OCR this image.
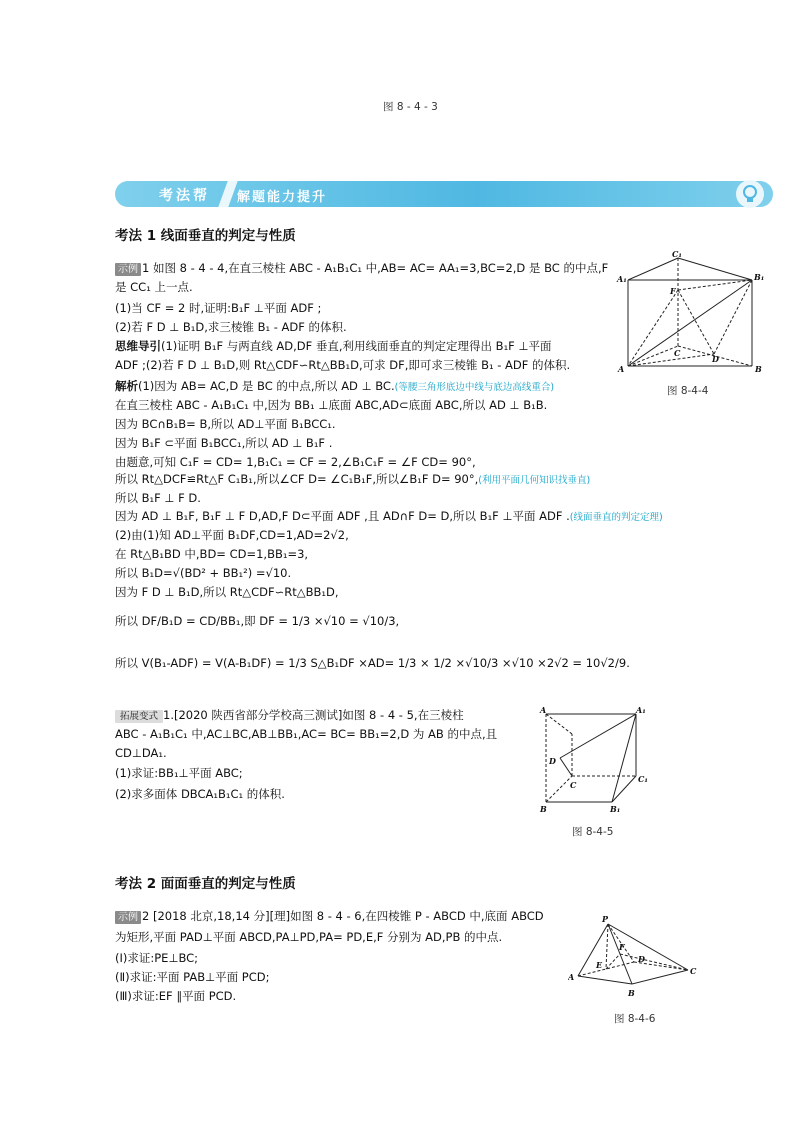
图 8 - 4 - 3
考法帮 解题能力提升
考法 1 线面垂直的判定与性质
示例 1 如图 8 - 4 - 4,在直三棱柱 ABC - A₁B₁C₁ 中,AB= AC= AA₁=3,BC=2,D 是 BC 的中点,F
是 CC₁ 上一点.
(1)当 CF = 2 时,证明:B₁F ⊥平面 ADF ;
(2)若 F D ⊥ B₁D,求三棱锥 B₁ - ADF 的体积.
思维导引(1)证明 B₁F 与两直线 AD,DF 垂直,利用线面垂直的判定定理得出 B₁F ⊥平面
ADF ;(2)若 F D ⊥ B₁D,则 Rt△CDF∽Rt△BB₁D,可求 DF,即可求三棱锥 B₁ - ADF 的体积.
解析(1)因为 AB= AC,D 是 BC 的中点,所以 AD ⊥ BC.(等腰三角形底边中线与底边高线重合)
在直三棱柱 ABC - A₁B₁C₁ 中,因为 BB₁ ⊥底面 ABC,AD⊂底面 ABC,所以 AD ⊥ B₁B.
因为 BC∩B₁B= B,所以 AD⊥平面 B₁BCC₁.
因为 B₁F ⊂平面 B₁BCC₁,所以 AD ⊥ B₁F .
由题意,可知 C₁F = CD= 1,B₁C₁ = CF = 2,∠B₁C₁F = ∠F CD= 90°,
所以 Rt△DCF≌Rt△F C₁B₁,所以∠CF D= ∠C₁B₁F,所以∠B₁F D= 90°,(利用平面几何知识找垂直)
所以 B₁F ⊥ F D.
因为 AD ⊥ B₁F, B₁F ⊥ F D,AD,F D⊂平面 ADF ,且 AD∩F D= D,所以 B₁F ⊥平面 ADF .(线面垂直的判定定理)
(2)由(1)知 AD⊥平面 B₁DF,CD=1,AD=2√2,
在 Rt△B₁BD 中,BD= CD=1,BB₁=3,
所以 B₁D=√(BD² + BB₁²) =√10.
因为 F D ⊥ B₁D,所以 Rt△CDF∽Rt△BB₁D,
所以 DF/B₁D = CD/BB₁,即 DF = 1/3 ×√10 = √10/3,
所以 V(B₁-ADF) = V(A-B₁DF) = 1/3 S△B₁DF ×AD= 1/3 × 1/2 ×√10/3 ×√10 ×2√2 = 10√2/9.
A₁
C₁
B₁
F
A
C
D
B
图 8-4-4
拓展变式 1.[2020 陕西省部分学校高三测试]如图 8 - 4 - 5,在三棱柱
ABC - A₁B₁C₁ 中,AC⊥BC,AB⊥BB₁,AC= BC= BB₁=2,D 为 AB 的中点,且
CD⊥DA₁.
(1)求证:BB₁⊥平面 ABC;
(2)求多面体 DBCA₁B₁C₁ 的体积.
A	A₁
D
C
C₁
B	B₁
图 8-4-5
考法 2 面面垂直的判定与性质
示例 2 [2018 北京,18,14 分][理]如图 8 - 4 - 6,在四棱锥 P - ABCD 中,底面 ABCD
为矩形,平面 PAD⊥平面 ABCD,PA⊥PD,PA= PD,E,F 分别为 AD,PB 的中点.
(Ⅰ)求证:PE⊥BC;
(Ⅱ)求证:平面 PAB⊥平面 PCD;
(Ⅲ)求证:EF ∥平面 PCD.
P
A
E
F
D
C
B
图 8-4-6
